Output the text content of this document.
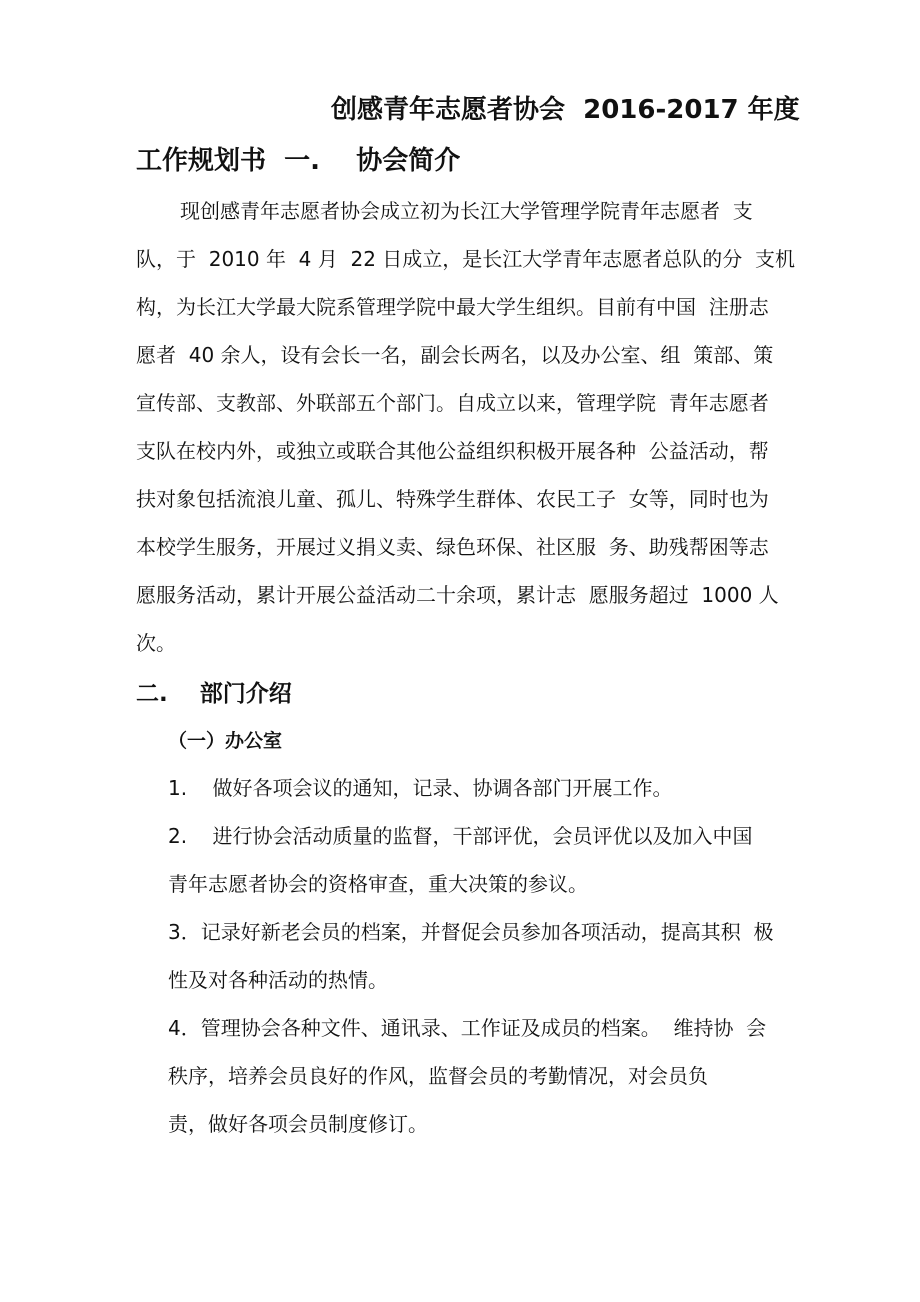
创感青年志愿者协会  2016-2017 年度
工作规划书  一.    协会简介
现创感青年志愿者协会成立初为长江大学管理学院青年志愿者  支
队，于  2010 年  4 月  22 日成立，是长江大学青年志愿者总队的分  支机
构，为长江大学最大院系管理学院中最大学生组织。目前有中国  注册志
愿者  40 余人，设有会长一名，副会长两名，以及办公室、组  策部、策
宣传部、支教部、外联部五个部门。自成立以来，管理学院  青年志愿者
支队在校内外，或独立或联合其他公益组织积极开展各种  公益活动，帮
扶对象包括流浪儿童、孤儿、特殊学生群体、农民工子  女等，同时也为
本校学生服务，开展过义捐义卖、绿色环保、社区服  务、助残帮困等志
愿服务活动，累计开展公益活动二十余项，累计志  愿服务超过  1000 人
次。
二.    部门介绍
（一）办公室
1.    做好各项会议的通知，记录、协调各部门开展工作。
2.    进行协会活动质量的监督，干部评优，会员评优以及加入中国
青年志愿者协会的资格审查，重大决策的参议。
3．记录好新老会员的档案，并督促会员参加各项活动，提高其积  极
性及对各种活动的热情。
4．管理协会各种文件、通讯录、工作证及成员的档案。  维持协  会
秩序，培养会员良好的作风，监督会员的考勤情况，对会员负
责，做好各项会员制度修订。
